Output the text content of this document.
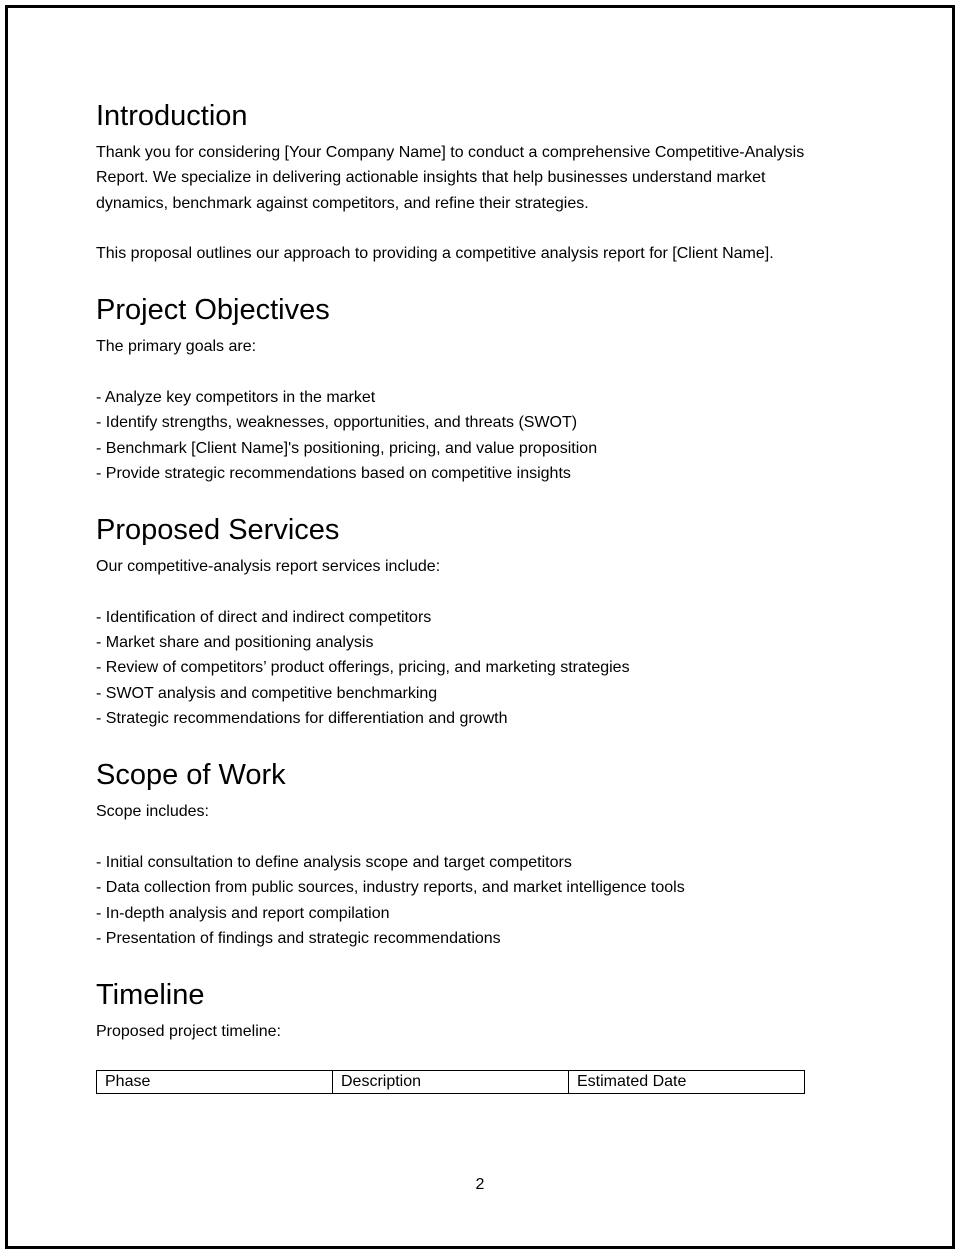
Introduction

Thank you for considering [Your Company Name] to conduct a comprehensive Competitive-Analysis Report. We specialize in delivering actionable insights that help businesses understand market dynamics, benchmark against competitors, and refine their strategies.

This proposal outlines our approach to providing a competitive analysis report for [Client Name].

Project Objectives

The primary goals are:

- Analyze key competitors in the market
- Identify strengths, weaknesses, opportunities, and threats (SWOT)
- Benchmark [Client Name]'s positioning, pricing, and value proposition
- Provide strategic recommendations based on competitive insights
Proposed Services

Our competitive-analysis report services include:

- Identification of direct and indirect competitors
- Market share and positioning analysis
- Review of competitors’ product offerings, pricing, and marketing strategies
- SWOT analysis and competitive benchmarking
- Strategic recommendations for differentiation and growth
Scope of Work

Scope includes:

- Initial consultation to define analysis scope and target competitors
- Data collection from public sources, industry reports, and market intelligence tools
- In-depth analysis and report compilation
- Presentation of findings and strategic recommendations
Timeline

Proposed project timeline:

Phase	Description	Estimated Date
2
